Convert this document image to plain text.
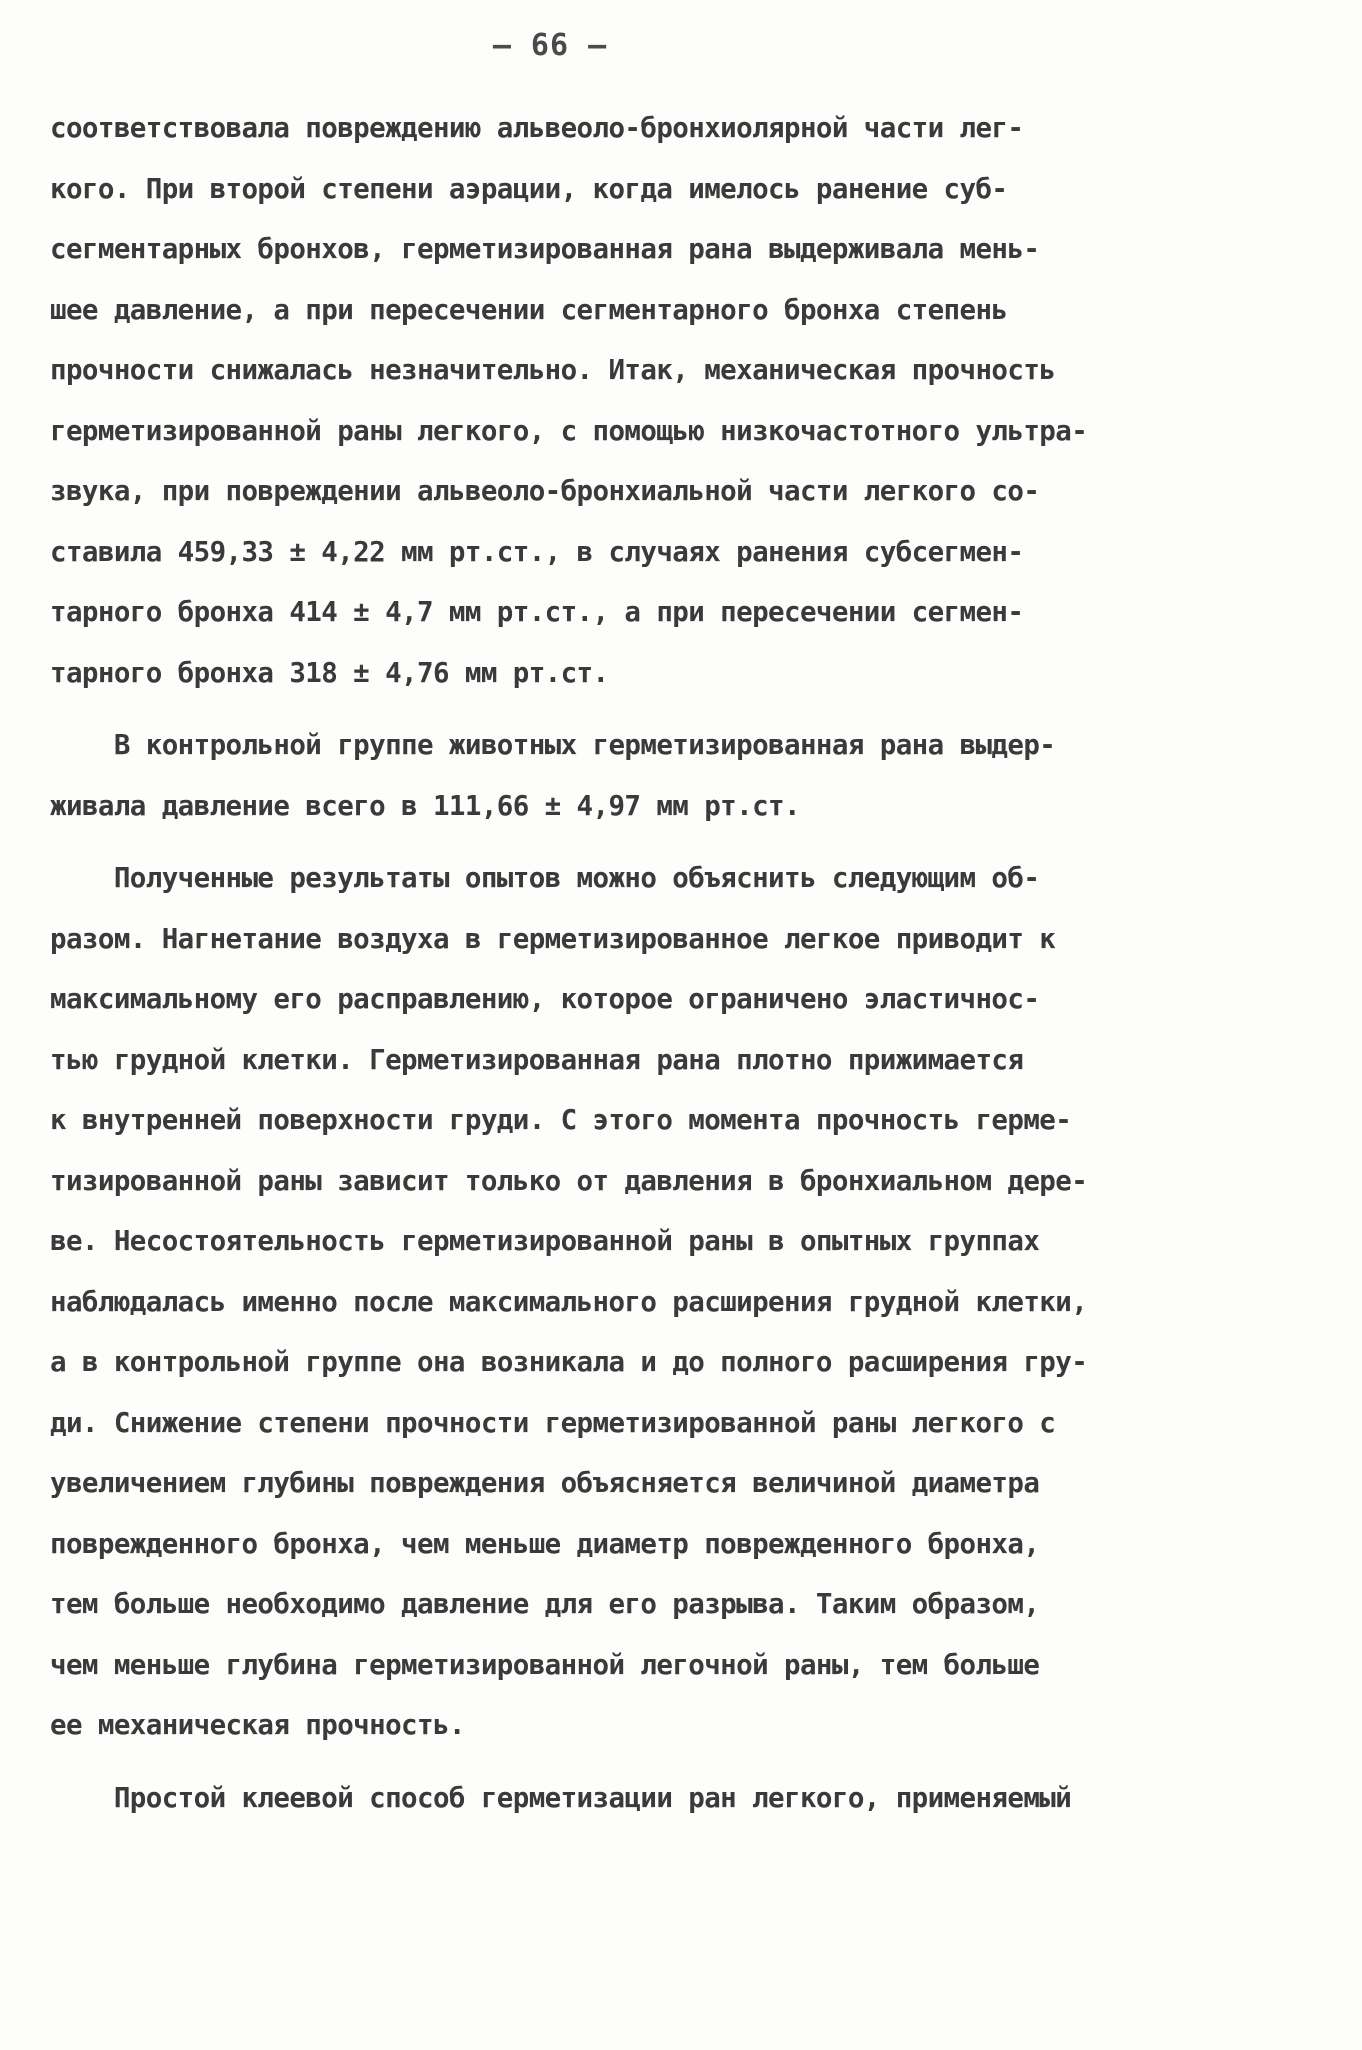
– 66 –
соответствовала повреждению альвеоло-бронхиолярной части лег-
кого. При второй степени аэрации, когда имелось ранение суб-
сегментарных бронхов, герметизированная рана выдерживала мень-
шее давление, а при пересечении сегментарного бронха степень
прочности снижалась незначительно. Итак, механическая прочность
герметизированной раны легкого, с помощью низкочастотного ультра-
звука, при повреждении альвеоло-бронхиальной части легкого со-
ставила 459,33 ± 4,22 мм рт.ст., в случаях ранения субсегмен-
тарного бронха 414 ± 4,7 мм рт.ст., а при пересечении сегмен-
тарного бронха 318 ± 4,76 мм рт.ст.
В контрольной группе животных герметизированная рана выдер-
живала давление всего в 111,66 ± 4,97 мм рт.ст.
Полученные результаты опытов можно объяснить следующим об-
разом. Нагнетание воздуха в герметизированное легкое приводит к
максимальному его расправлению, которое ограничено эластичнос-
тью грудной клетки. Герметизированная рана плотно прижимается
к внутренней поверхности груди. С этого момента прочность герме-
тизированной раны зависит только от давления в бронхиальном дере-
ве. Несостоятельность герметизированной раны в опытных группах
наблюдалась именно после максимального расширения грудной клетки,
а в контрольной группе она возникала и до полного расширения гру-
ди. Снижение степени прочности герметизированной раны легкого с
увеличением глубины повреждения объясняется величиной диаметра
поврежденного бронха, чем меньше диаметр поврежденного бронха,
тем больше необходимо давление для его разрыва. Таким образом,
чем меньше глубина герметизированной легочной раны, тем больше
ее механическая прочность.
Простой клеевой способ герметизации ран легкого, применяемый
